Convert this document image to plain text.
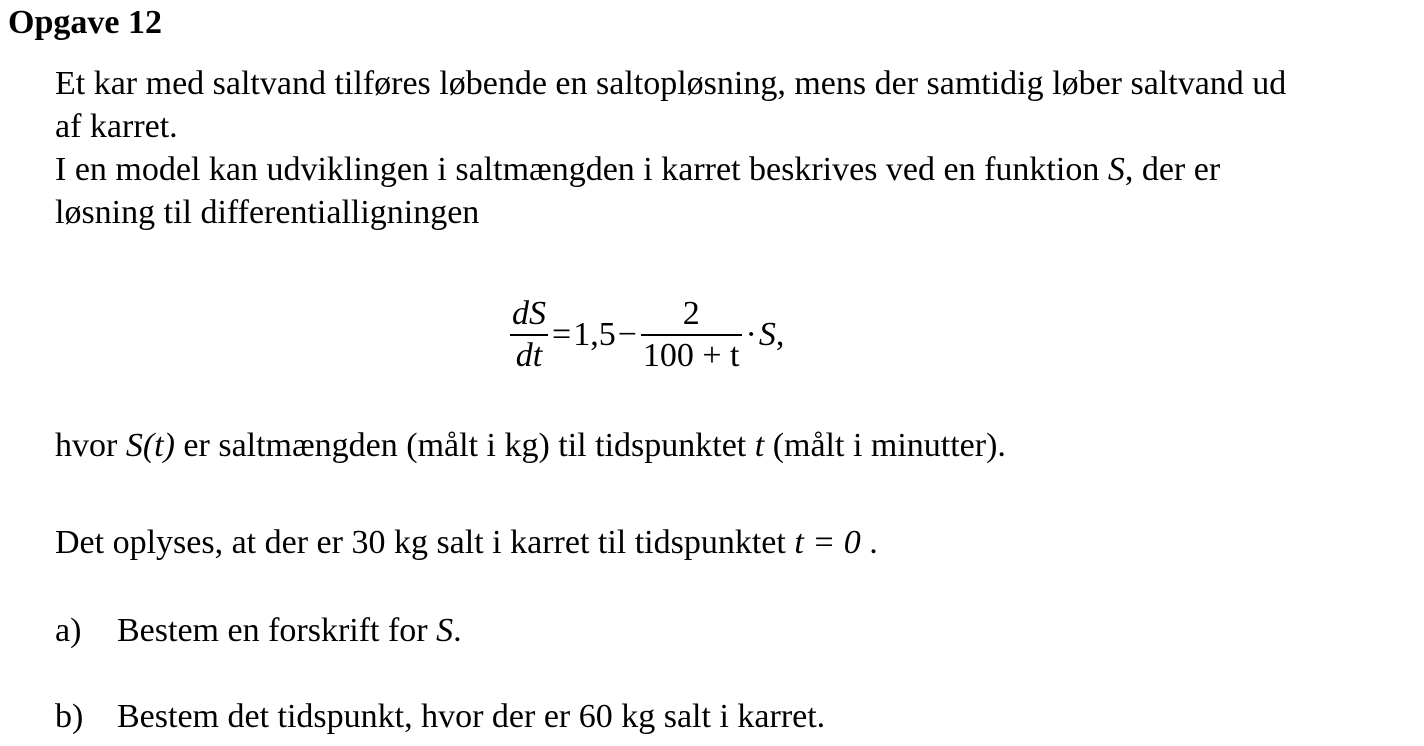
Opgave 12
Et kar med saltvand tilføres løbende en saltopløsning, mens der samtidig løber saltvand ud
af karret.
I en model kan udviklingen i saltmængden i karret beskrives ved en funktion S, der er
løsning til differentialligningen
$\frac{dS}{dt} = 1,5 - \frac{2}{100 + t} \cdot S$ ,
hvor S(t) er saltmængden (målt i kg) til tidspunktet t (målt i minutter).
Det oplyses, at der er 30 kg salt i karret til tidspunktet t = 0 .
a) Bestem en forskrift for S.
b) Bestem det tidspunkt, hvor der er 60 kg salt i karret.
